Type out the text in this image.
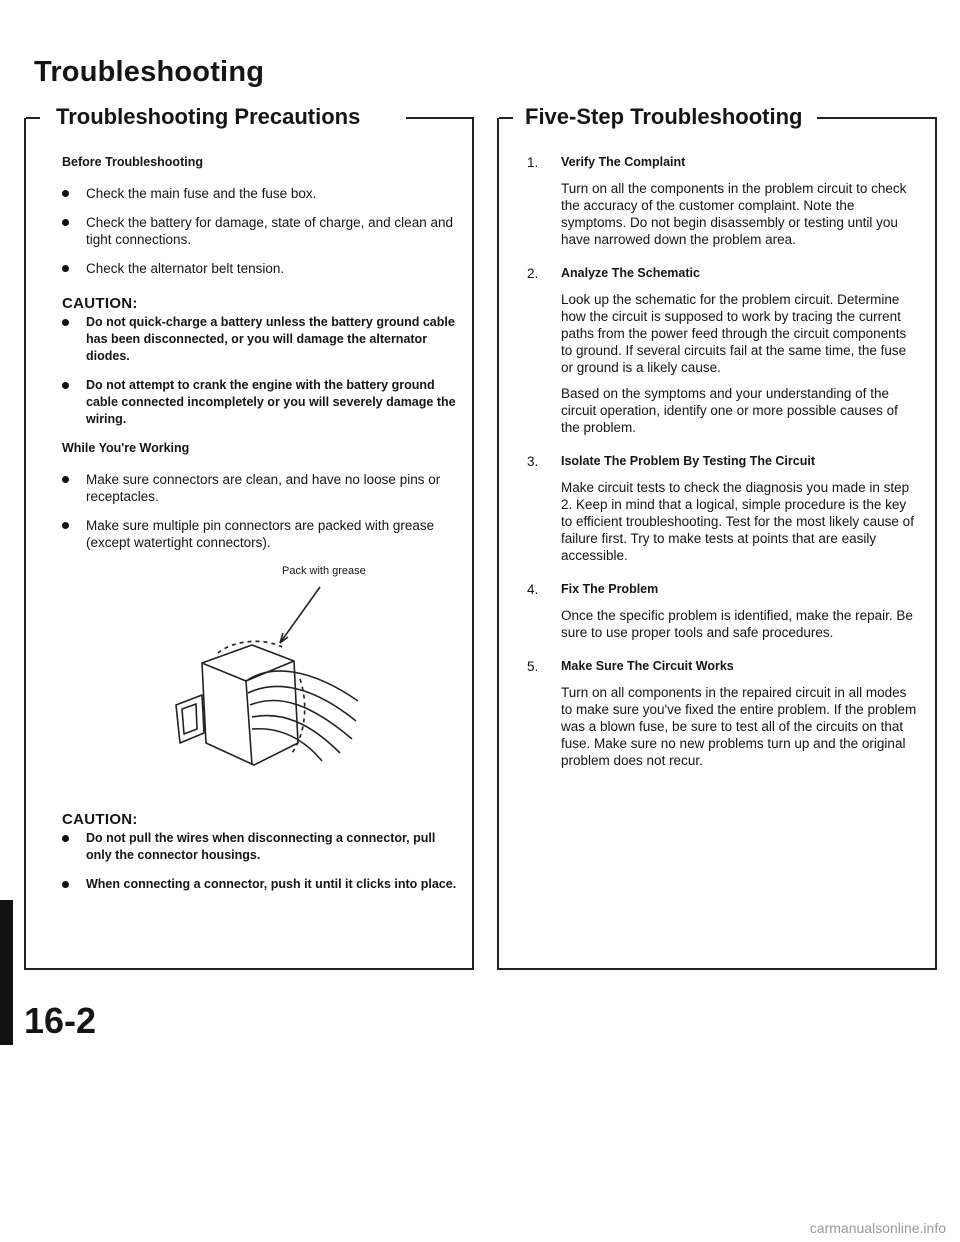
Troubleshooting
Troubleshooting Precautions

Before Troubleshooting

Check the main fuse and the fuse box.
Check the battery for damage, state of charge, and clean and tight connections.
Check the alternator belt tension.

CAUTION:

Do not quick-charge a battery unless the battery ground cable has been disconnected, or you will damage the alternator diodes.
Do not attempt to crank the engine with the battery ground cable connected incompletely or you will severely damage the wiring.

While You're Working

Make sure connectors are clean, and have no loose pins or receptacles.
Make sure multiple pin connectors are packed with grease (except watertight connectors).
Pack with grease

CAUTION:

Do not pull the wires when disconnecting a connector, pull only the connector housings.
When connecting a connector, push it until it clicks into place.
Five-Step Troubleshooting
1. Verify The Complaint

Turn on all the components in the problem circuit to check the accuracy of the customer complaint. Note the symptoms. Do not begin disassembly or testing until you have narrowed down the problem area.

2. Analyze The Schematic

Look up the schematic for the problem circuit. Determine how the circuit is supposed to work by tracing the current paths from the power feed through the circuit components to ground. If several circuits fail at the same time, the fuse or ground is a likely cause.

Based on the symptoms and your understanding of the circuit operation, identify one or more possible causes of the problem.

3. Isolate The Problem By Testing The Circuit

Make circuit tests to check the diagnosis you made in step 2. Keep in mind that a logical, simple procedure is the key to efficient troubleshooting. Test for the most likely cause of failure first. Try to make tests at points that are easily accessible.

4. Fix The Problem

Once the specific problem is identified, make the repair. Be sure to use proper tools and safe procedures.

5. Make Sure The Circuit Works

Turn on all components in the repaired circuit in all modes to make sure you've fixed the entire problem. If the problem was a blown fuse, be sure to test all of the circuits on that fuse. Make sure no new problems turn up and the original problem does not recur.

16-2

carmanualsonline.info
